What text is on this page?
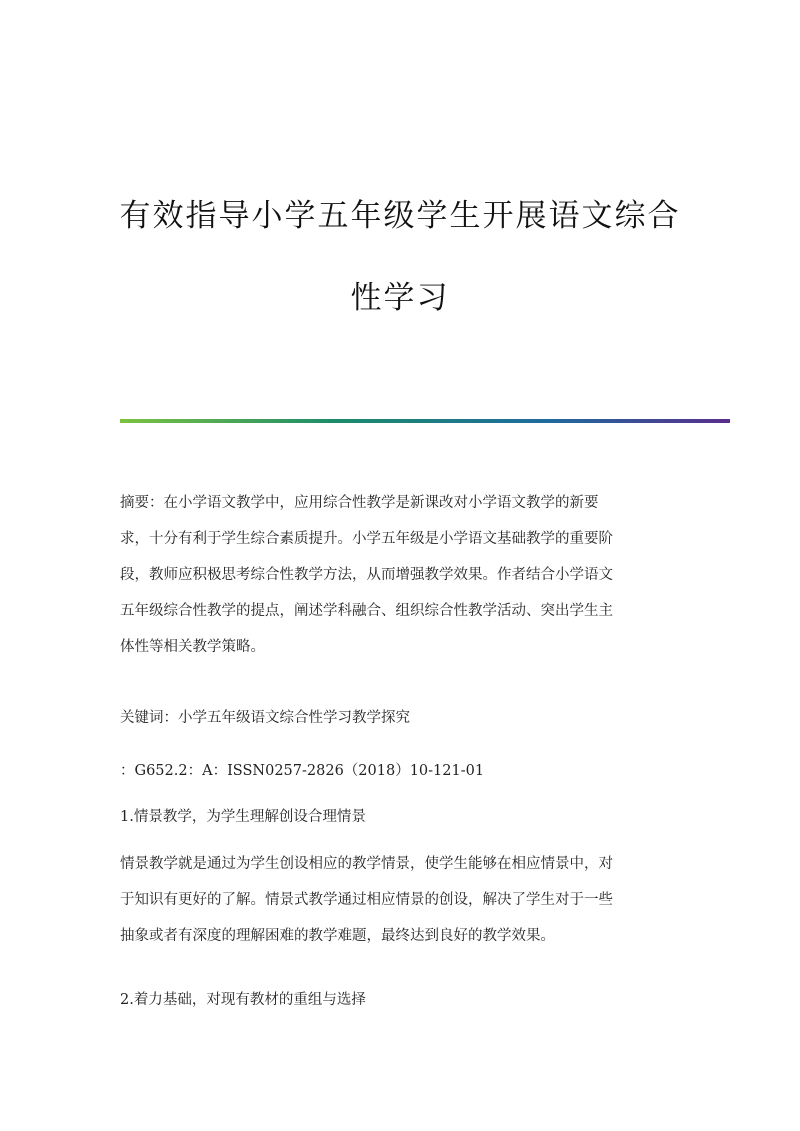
有效指导小学五年级学生开展语文综合
性学习
摘要：在小学语文教学中，应用综合性教学是新课改对小学语文教学的新要
求，十分有利于学生综合素质提升。小学五年级是小学语文基础教学的重要阶
段，教师应积极思考综合性教学方法，从而增强教学效果。作者结合小学语文
五年级综合性教学的提点，阐述学科融合、组织综合性教学活动、突出学生主
体性等相关教学策略。
关键词：小学五年级语文综合性学习教学探究
：G652.2：A：ISSN0257-2826（2018）10-121-01
1.情景教学，为学生理解创设合理情景
情景教学就是通过为学生创设相应的教学情景，使学生能够在相应情景中，对
于知识有更好的了解。情景式教学通过相应情景的创设，解决了学生对于一些
抽象或者有深度的理解困难的教学难题，最终达到良好的教学效果。
2.着力基础，对现有教材的重组与选择
